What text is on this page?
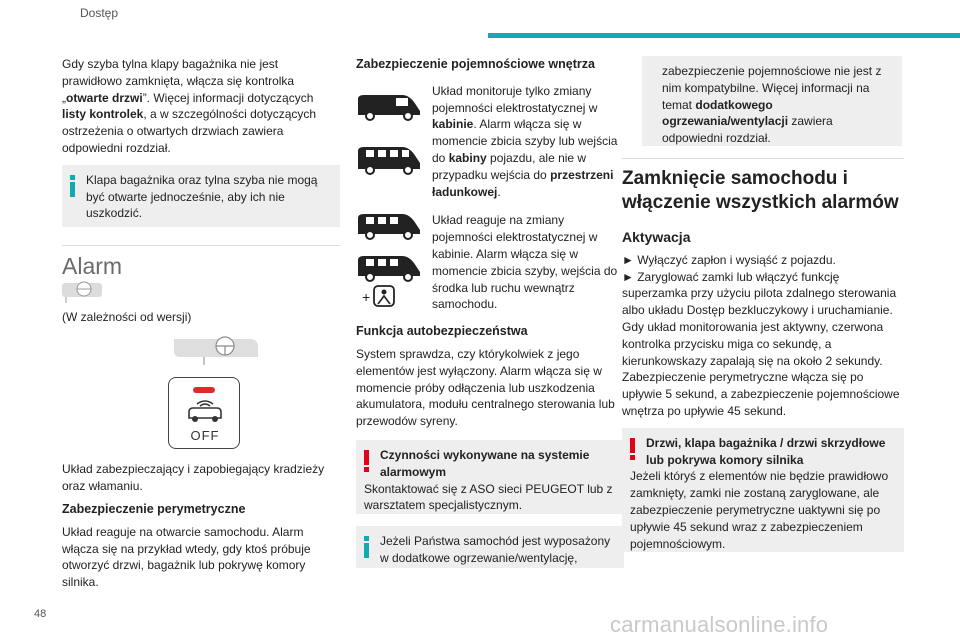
Dostęp

Gdy szyba tylna klapy bagażnika nie jest prawidłowo zamknięta, włącza się kontrolka „otwarte drzwi”. Więcej informacji dotyczących listy kontrolek, a w szczególności dotyczących ostrzeżenia o otwartych drzwiach zawiera odpowiedni rozdział.

Klapa bagażnika oraz tylna szyba nie mogą być otwarte jednocześnie, aby ich nie uszkodzić.

Alarm

(W zależności od wersji)

OFF

Układ zabezpieczający i zapobiegający kradzieży oraz włamaniu.

Zabezpieczenie perymetryczne

Układ reaguje na otwarcie samochodu. Alarm włącza się na przykład wtedy, gdy ktoś próbuje otworzyć drzwi, bagażnik lub pokrywę komory silnika.

Zabezpieczenie pojemnościowe wnętrza

Układ monitoruje tylko zmiany pojemności elektrostatycznej w kabinie. Alarm włącza się w momencie zbicia szyby lub wejścia do kabiny pojazdu, ale nie w przypadku wejścia do przestrzeni ładunkowej.

+

Układ reaguje na zmiany pojemności elektrostatycznej w kabinie. Alarm włącza się w momencie zbicia szyby, wejścia do środka lub ruchu wewnątrz samochodu.

Funkcja autobezpieczeństwa

System sprawdza, czy którykolwiek z jego elementów jest wyłączony. Alarm włącza się w momencie próby odłączenia lub uszkodzenia akumulatora, modułu centralnego sterowania lub przewodów syreny.

Czynności wykonywane na systemie alarmowym

Skontaktować się z ASO sieci PEUGEOT lub z warsztatem specjalistycznym.

Jeżeli Państwa samochód jest wyposażony w dodatkowe ogrzewanie/wentylację,

zabezpieczenie pojemnościowe nie jest z nim kompatybilne. Więcej informacji na temat dodatkowego ogrzewania/wentylacji zawiera odpowiedni rozdział.

Zamknięcie samochodu i włączenie wszystkich alarmów
Aktywacja

► Wyłączyć zapłon i wysiąść z pojazdu.

► Zaryglować zamki lub włączyć funkcję superzamka przy użyciu pilota zdalnego sterowania albo układu Dostęp bezkluczykowy i uruchamianie.

Gdy układ monitorowania jest aktywny, czerwona kontrolka przycisku miga co sekundę, a kierunkowskazy zapalają się na około 2 sekundy. Zabezpieczenie perymetryczne włącza się po upływie 5 sekund, a zabezpieczenie pojemnościowe wnętrza po upływie 45 sekund.

Drzwi, klapa bagażnika / drzwi skrzydłowe lub pokrywa komory silnika

Jeżeli któryś z elementów nie będzie prawidłowo zamknięty, zamki nie zostaną zaryglowane, ale zabezpieczenie perymetryczne uaktywni się po upływie 45 sekund wraz z zabezpieczeniem pojemnościowym.

48	carmanualsonline.info
